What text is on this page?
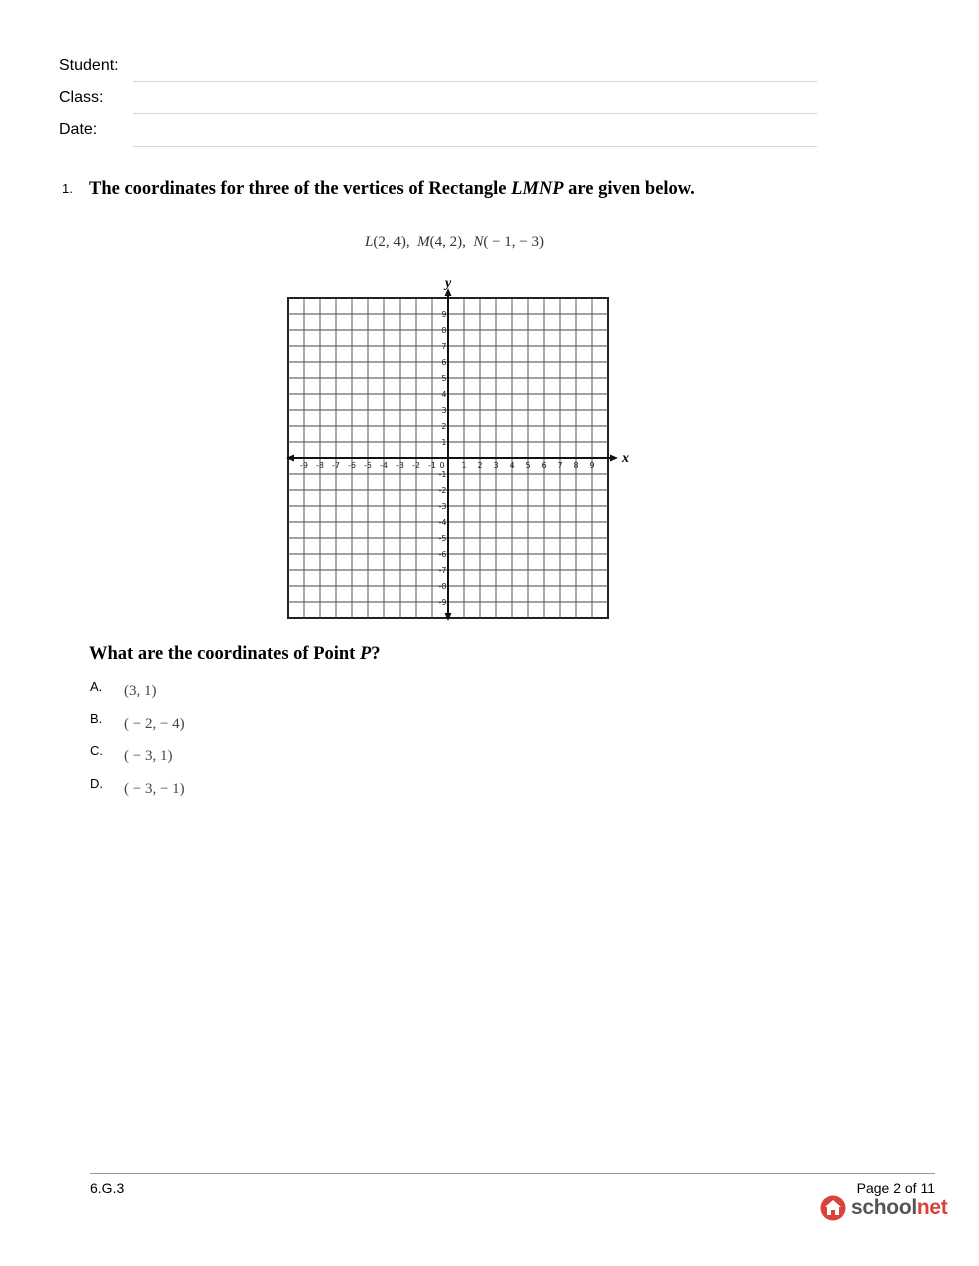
Student:
Class:
Date:
1. The coordinates for three of the vertices of Rectangle LMNP are given below.
L(2, 4), M(4, 2), N( − 1, − 3)
x
y
-9 -8 -7 -6 -5 -4 -3 -2 -1 0 1 2 3 4 5 6 7 8 9
9
8
7
6
5
4
3
2
1
-1
-2
-3
-4
-5
-6
-7
-8
-9
What are the coordinates of Point P?
A. (3, 1)
B. ( − 2, − 4)
C. ( − 3, 1)
D. ( − 3, − 1)
6.G.3	Page 2 of 11
schoolnet
